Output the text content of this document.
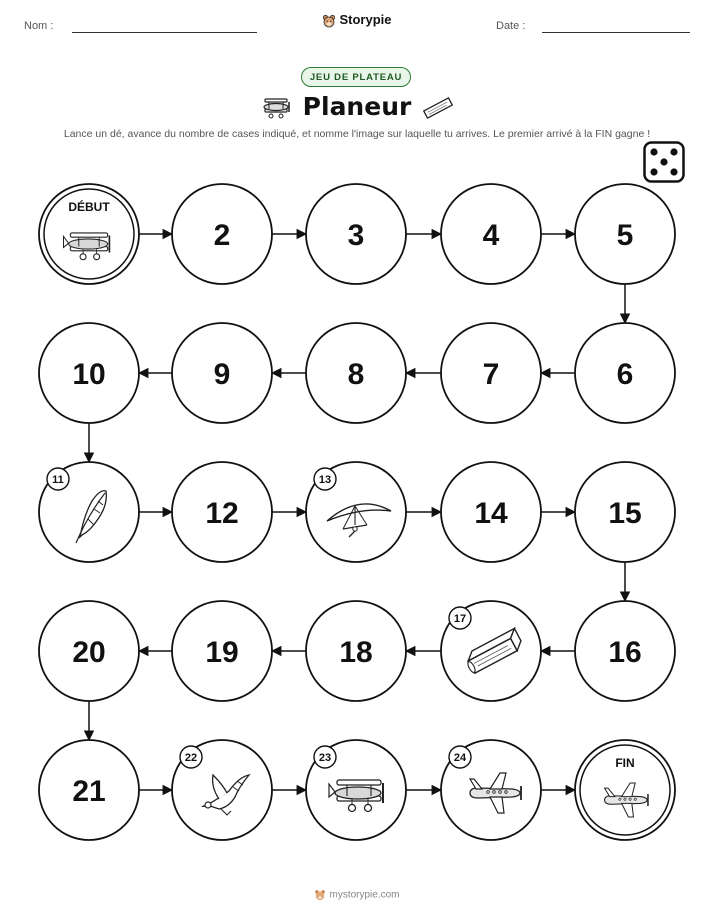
Nom :	Storypie	Date :
JEU DE PLATEAU
Planeur
Lance un dé, avance du nombre de cases indiqué, et nomme l'image sur laquelle tu arrives. Le premier arrivé à la FIN gagne !
DÉBUT
2	3	4	5
6
7
8
9
10
11
12
13
14	15
16
17
18
19
20
21
22	23	24	FIN
mystorypie.com
